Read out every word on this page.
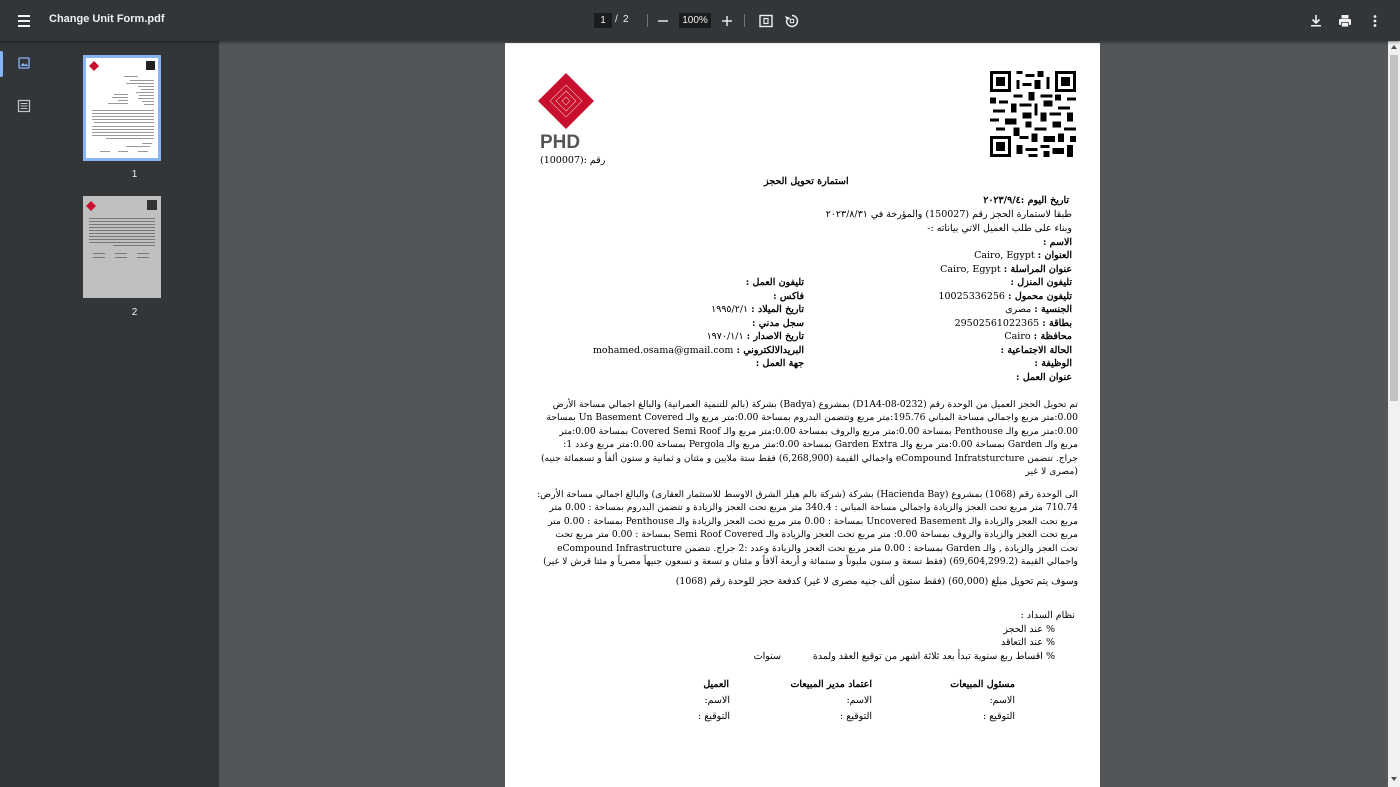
Change Unit Form.pdf	1 / 2	100%
1
2
PHD
رقم :(100007)
استمارة تحويل الحجز
تاريخ اليوم :٢٠٢٣/٩/٤
طبقا لاستمارة الحجز رقم (150027) والمؤرخة في ٢٠٢٣/٨/٣١
وبناء على طلب العميل الاتي بياناته :-
الاسم :
العنوان : Cairo, Egypt
عنوان المراسلة : Cairo, Egypt
تليفون المنزل :
تليفون محمول : 10025336256
الجنسية : مصرى
بطاقة : 29502561022365
محافظة : Cairo
الحالة الاجتماعية :
الوظيفة :
عنوان العمل :
تليفون العمل :
فاكس :
تاريخ الميلاد : ١٩٩٥/٢/١
سجل مدني :
تاريخ الاصدار : ١٩٧٠/١/١
البريدالالكتروني : mohamed.osama@gmail.com
جهة العمل :
تم تحويل الحجز العميل من الوحدة رقم (D1A4-08-0232) بمشروع (Badya) بشركة (بالم للتنمية العمرانية) والبالغ اجمالي مساحة الأرض
0.00:متر مربع واجمالي مساحة المباني 195.76:متر مربع وتتضمن البدروم بمساحة 0.00:متر مربع والـ Un Basement Covered بمساحة
0.00:متر مربع والـ Penthouse بمساحة 0.00:متر مربع والروف بمساحة 0.00:متر مربع والـ Covered Semi Roof بمساحة 0.00:متر
مربع والـ Garden بمساحة 0.00:متر مربع والـ Garden Extra بمساحة 0.00:متر مربع والـ Pergola بمساحة 0.00:متر مربع وعدد 1:
جراج. تتضمن eCompound Infratsturcture واجمالي القيمة (6,268,900) فقط ستة ملايين و مئتان و ثمانية و ستون ألفاً و تسعمائة جنيه)
(مصرى لا غير
الى الوحدة رقم (1068) بمشروع (Hacienda Bay) بشركة (شركة بالم هيلز الشرق الاوسط للاستثمار العقارى) والبالغ اجمالي مساحة الأرض:
710.74 متر مربع تحت العجز والزيادة واجمالي مساحة المباني : 340.4 متر مربع تحت العجز والزيادة و تتضمن البدروم بمساحة : 0.00 متر
مربع تحت العجز والزيادة والـ Uncovered Basement بمساحة : 0.00 متر مربع تحت العجز والزيادة والـ Penthouse بمساحة : 0.00 متر
مربع تحت العجز والزيادة والروف بمساحة 0.00: متر مربع تحت العجز والزيادة والـ Semi Roof Covered بمساحة : 0.00 متر مربع تحت
تحت العجز والزيادة , والـ Garden بمساحة : 0.00 متر مربع تحت العجز والزيادة وعدد :2 جراج. تتضمن eCompound Infrastructure
واجمالي القيمة (69,604,299.2) (فقط تسعة و ستون مليوناً و ستمائة و أربعة آلافاً و مئتان و تسعة و تسعون جنيهاً مصرياً و مئتا قرش لا غير)
وسوف يتم تحويل مبلغ (60,000) (فقط ستون ألف جنيه مصرى لا غير) كدفعة حجز للوحدة رقم (1068)
نظام السداد :
% عند الحجز
% عند التعاقد
% اقساط ربع سنوية تبدأ بعد ثلاثة اشهر من توقيع العقد ولمدة
سنوات
مسئول المبيعات
الاسم:
التوقيع :
اعتماد مدير المبيعات
الاسم:
التوقيع :
العميل
الاسم:
التوقيع :
